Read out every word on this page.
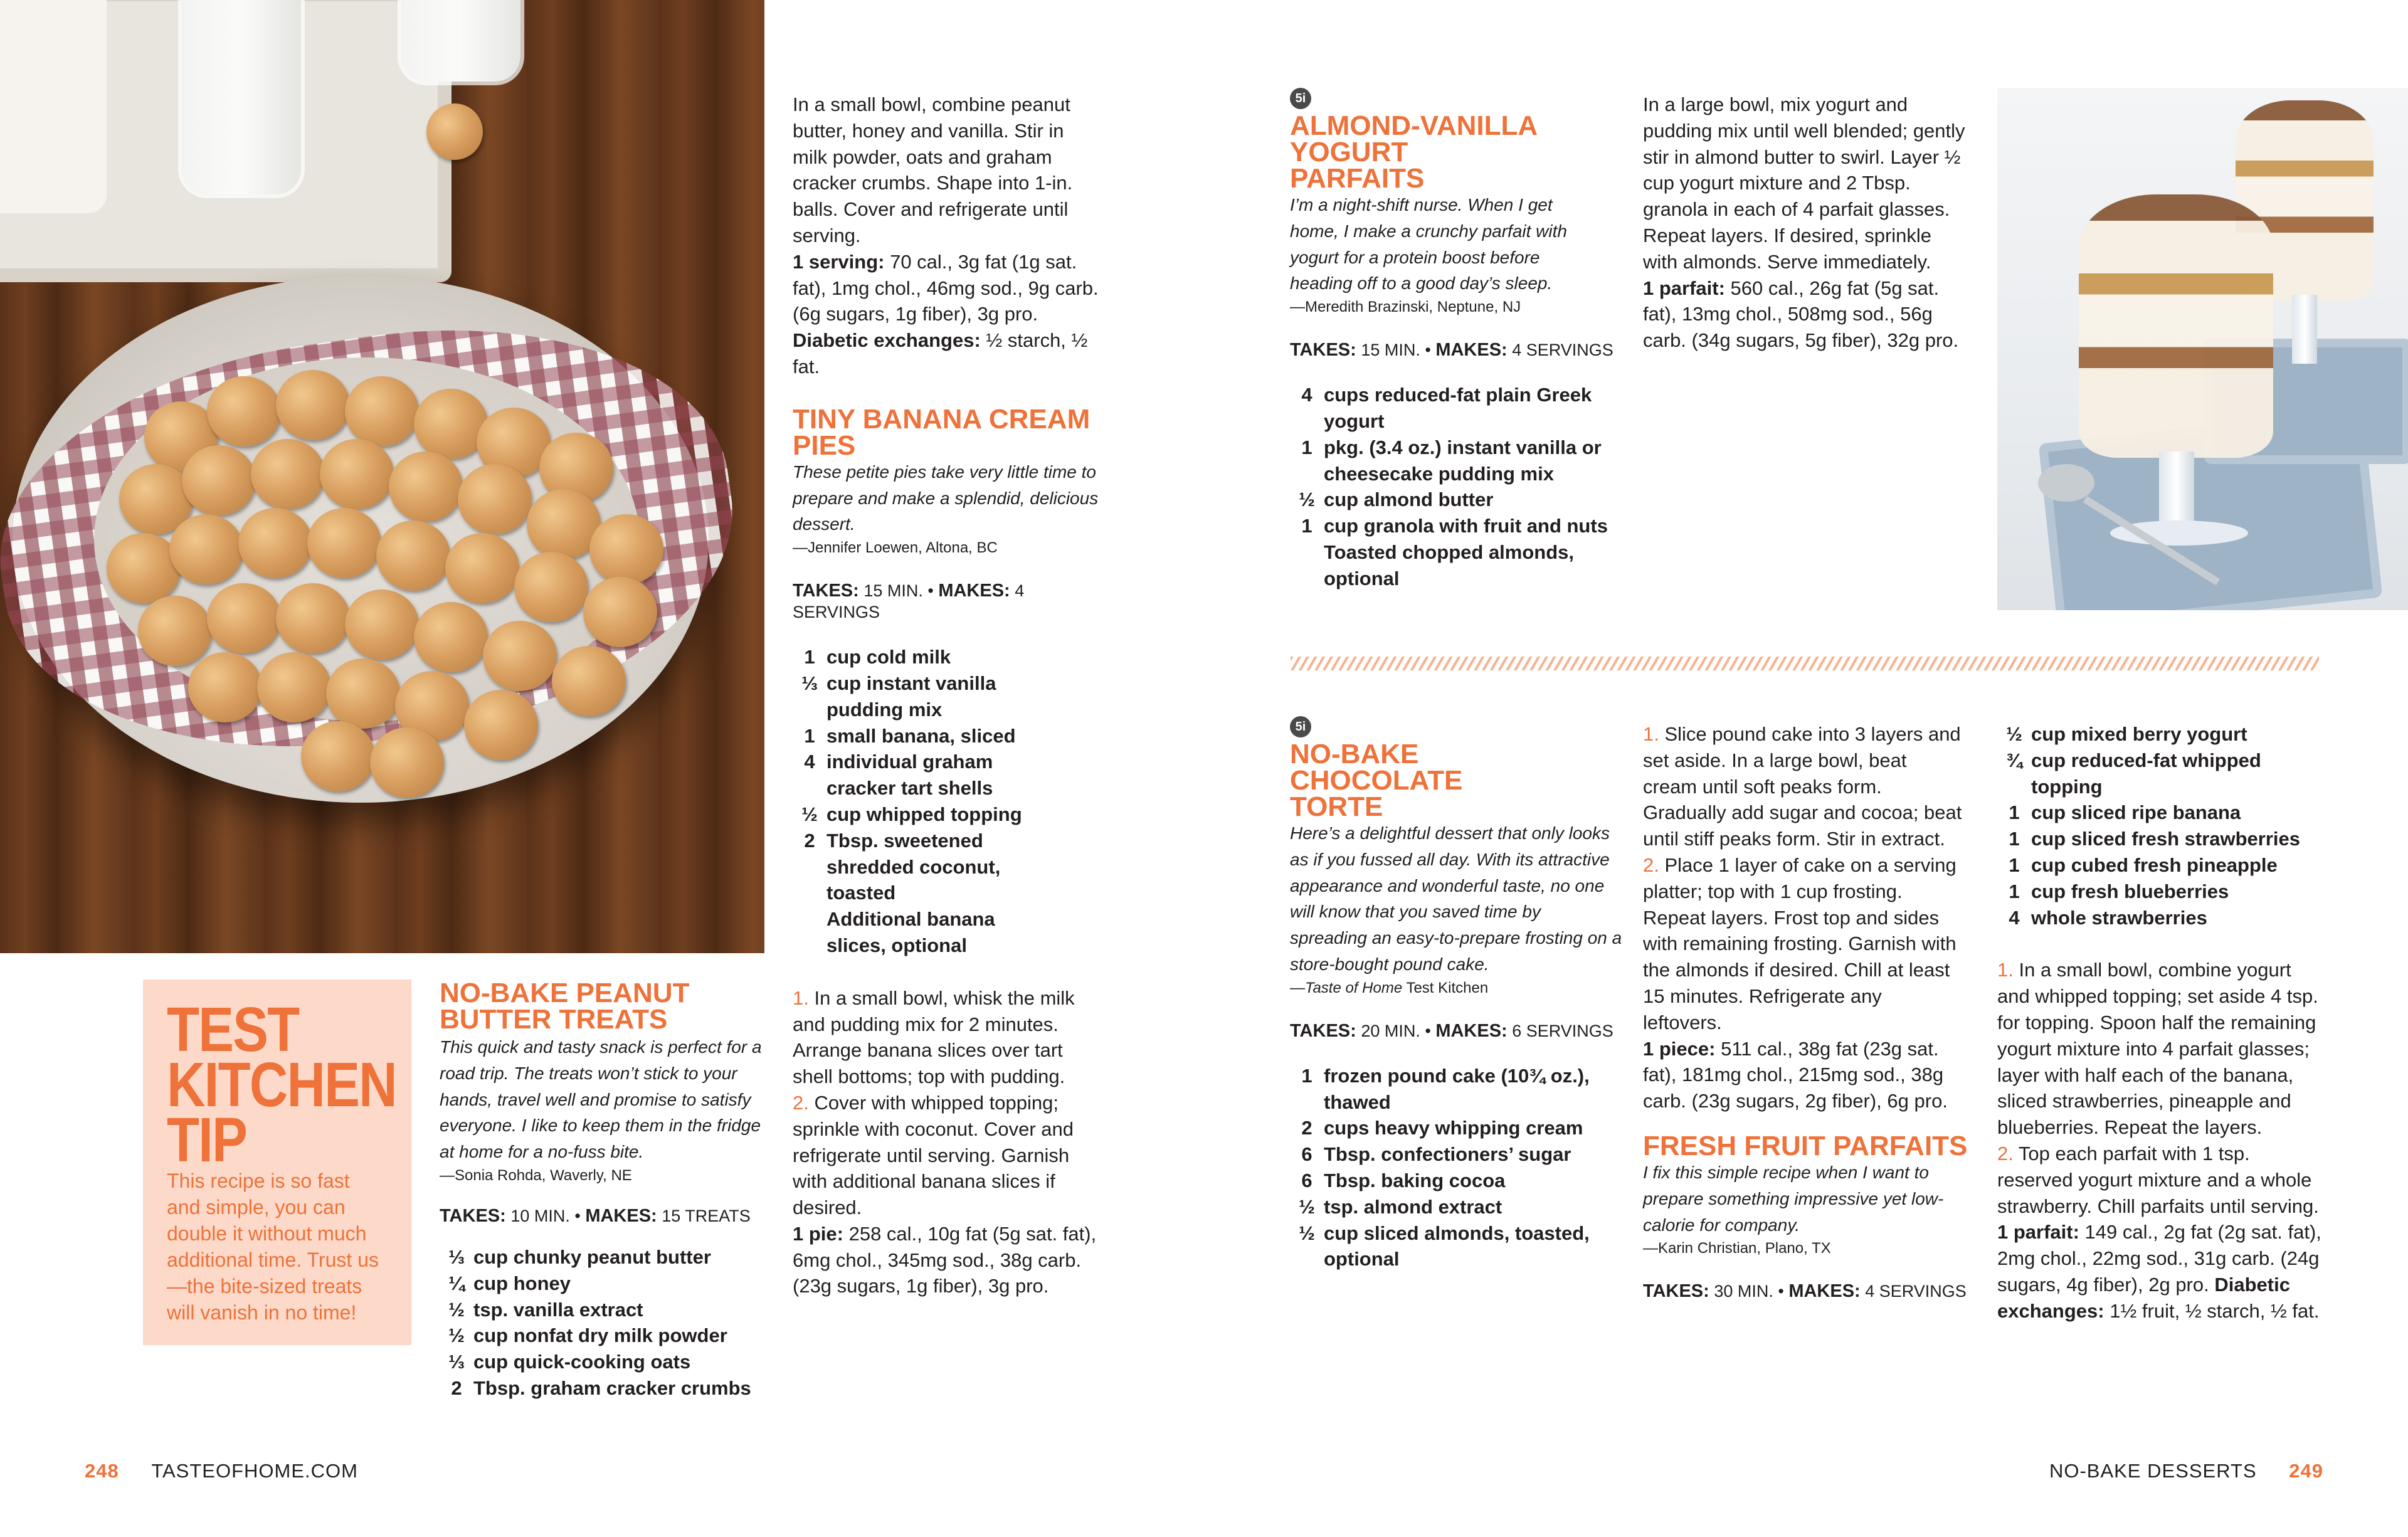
TEST
KITCHEN
TIP
This recipe is so fast and simple, you can double it without much additional time. Trust us—the bite-sized treats will vanish in no time!
NO-BAKE PEANUT BUTTER TREATS
This quick and tasty snack is perfect for a road trip. The treats won’t stick to your hands, travel well and promise to satisfy everyone. I like to keep them in the fridge at home for a no-fuss bite.
—Sonia Rohda, Waverly, NE
TAKES: 10 MIN. • MAKES: 15 TREATS
⅓ cup chunky peanut butter
¼ cup honey
½ tsp. vanilla extract
½ cup nonfat dry milk powder
⅓ cup quick-cooking oats
2 Tbsp. graham cracker crumbs
In a small bowl, combine peanut butter, honey and vanilla. Stir in milk powder, oats and graham cracker crumbs. Shape into 1-in. balls. Cover and refrigerate until serving.
1 serving: 70 cal., 3g fat (1g sat. fat), 1mg chol., 46mg sod., 9g carb. (6g sugars, 1g fiber), 3g pro. Diabetic exchanges: ½ starch, ½ fat.
TINY BANANA CREAM PIES
These petite pies take very little time to prepare and make a splendid, delicious dessert.
—Jennifer Loewen, Altona, BC
TAKES: 15 MIN. • MAKES: 4 SERVINGS
1 cup cold milk
⅓ cup instant vanilla pudding mix
1 small banana, sliced
4 individual graham cracker tart shells
½ cup whipped topping
2 Tbsp. sweetened shredded coconut, toasted
Additional banana slices, optional
1. In a small bowl, whisk the milk and pudding mix for 2 minutes. Arrange banana slices over tart shell bottoms; top with pudding.
2. Cover with whipped topping; sprinkle with coconut. Cover and refrigerate until serving. Garnish with additional banana slices if desired.
1 pie: 258 cal., 10g fat (5g sat. fat), 6mg chol., 345mg sod., 38g carb. (23g sugars, 1g fiber), 3g pro.
5i
ALMOND-VANILLA YOGURT PARFAITS
I’m a night-shift nurse. When I get home, I make a crunchy parfait with yogurt for a protein boost before heading off to a good day’s sleep.
—Meredith Brazinski, Neptune, NJ
TAKES: 15 MIN. • MAKES: 4 SERVINGS
4 cups reduced-fat plain Greek yogurt
1 pkg. (3.4 oz.) instant vanilla or cheesecake pudding mix
½ cup almond butter
1 cup granola with fruit and nuts
Toasted chopped almonds, optional
In a large bowl, mix yogurt and pudding mix until well blended; gently stir in almond butter to swirl. Layer ½ cup yogurt mixture and 2 Tbsp. granola in each of 4 parfait glasses. Repeat layers. If desired, sprinkle with almonds. Serve immediately.
1 parfait: 560 cal., 26g fat (5g sat. fat), 13mg chol., 508mg sod., 56g carb. (34g sugars, 5g fiber), 32g pro.
5i
NO-BAKE CHOCOLATE TORTE
Here’s a delightful dessert that only looks as if you fussed all day. With its attractive appearance and wonderful taste, no one will know that you saved time by spreading an easy-to-prepare frosting on a store-bought pound cake.
—Taste of Home Test Kitchen
TAKES: 20 MIN. • MAKES: 6 SERVINGS
1 frozen pound cake (10¾ oz.), thawed
2 cups heavy whipping cream
6 Tbsp. confectioners’ sugar
6 Tbsp. baking cocoa
½ tsp. almond extract
½ cup sliced almonds, toasted, optional
1. Slice pound cake into 3 layers and set aside. In a large bowl, beat cream until soft peaks form. Gradually add sugar and cocoa; beat until stiff peaks form. Stir in extract.
2. Place 1 layer of cake on a serving platter; top with 1 cup frosting. Repeat layers. Frost top and sides with remaining frosting. Garnish with the almonds if desired. Chill at least 15 minutes. Refrigerate any leftovers.
1 piece: 511 cal., 38g fat (23g sat. fat), 181mg chol., 215mg sod., 38g carb. (23g sugars, 2g fiber), 6g pro.
FRESH FRUIT PARFAITS
I fix this simple recipe when I want to prepare something impressive yet low-calorie for company.
—Karin Christian, Plano, TX
TAKES: 30 MIN. • MAKES: 4 SERVINGS
½ cup mixed berry yogurt
¾ cup reduced-fat whipped topping
1 cup sliced ripe banana
1 cup sliced fresh strawberries
1 cup cubed fresh pineapple
1 cup fresh blueberries
4 whole strawberries
1. In a small bowl, combine yogurt and whipped topping; set aside 4 tsp. for topping. Spoon half the remaining yogurt mixture into 4 parfait glasses; layer with half each of the banana, sliced strawberries, pineapple and blueberries. Repeat the layers.
2. Top each parfait with 1 tsp. reserved yogurt mixture and a whole strawberry. Chill parfaits until serving.
1 parfait: 149 cal., 2g fat (2g sat. fat), 2mg chol., 22mg sod., 31g carb. (24g sugars, 4g fiber), 2g pro. Diabetic exchanges: 1½ fruit, ½ starch, ½ fat.
248 TASTEOFHOME.COM	NO-BAKE DESSERTS 249
